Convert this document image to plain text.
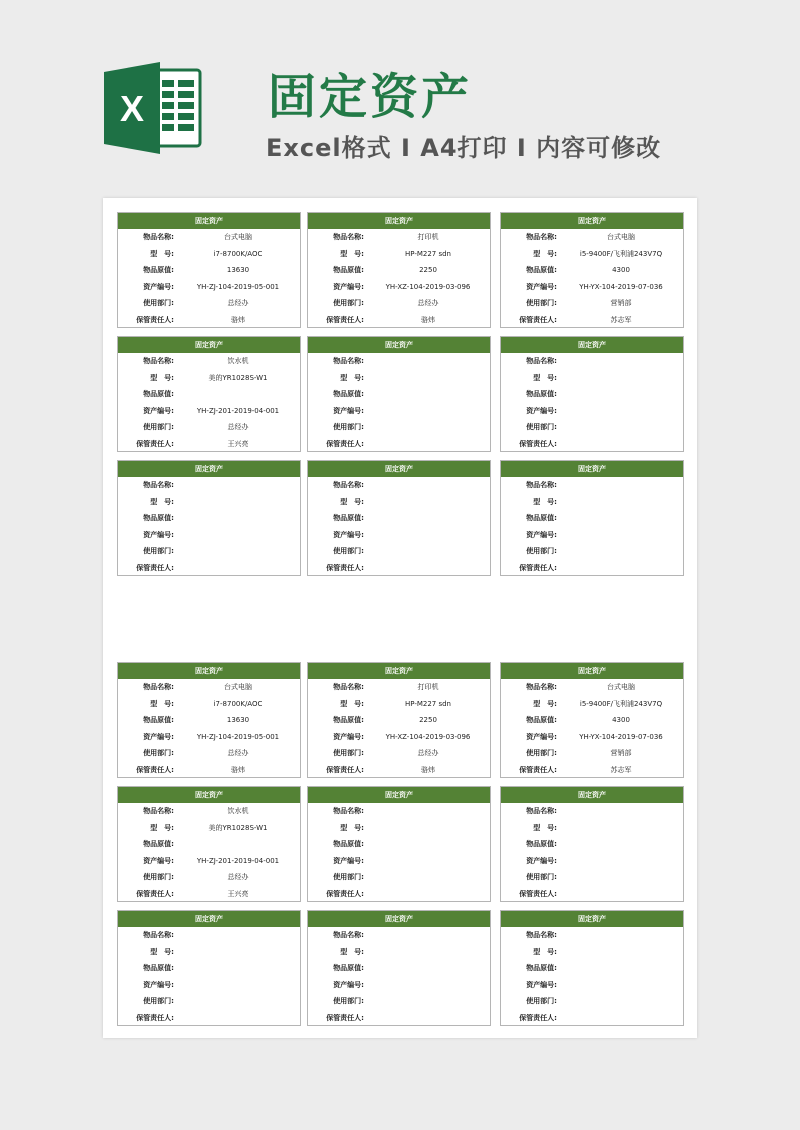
X	固定资产
Excel格式 I A4打印 I 内容可修改
固定资产
物品名称:	台式电脑
型　号:	i7-8700K/AOC
物品原值:	13630
资产编号:	YH-ZJ-104-2019-05-001
使用部门:	总经办
保管责任人:	骆炜
固定资产
物品名称:	打印机
型　号:	HP-M227 sdn
物品原值:	2250
资产编号:	YH-XZ-104-2019-03-096
使用部门:	总经办
保管责任人:	骆炜
固定资产
物品名称:	台式电脑
型　号:	i5-9400F/飞利浦243V7Q
物品原值:	4300
资产编号:	YH-YX-104-2019-07-036
使用部门:	营销部
保管责任人:	苏志军
固定资产
物品名称:	饮水机
型　号:	美的YR1028S-W1
物品原值:
资产编号:	YH-ZJ-201-2019-04-001
使用部门:	总经办
保管责任人:	王兴亮
固定资产
物品名称:
型　号:
物品原值:
资产编号:
使用部门:
保管责任人:
固定资产
物品名称:
型　号:
物品原值:
资产编号:
使用部门:
保管责任人:
固定资产
物品名称:
型　号:
物品原值:
资产编号:
使用部门:
保管责任人:
固定资产
物品名称:
型　号:
物品原值:
资产编号:
使用部门:
保管责任人:
固定资产
物品名称:
型　号:
物品原值:
资产编号:
使用部门:
保管责任人:
固定资产
物品名称:	台式电脑
型　号:	i7-8700K/AOC
物品原值:	13630
资产编号:	YH-ZJ-104-2019-05-001
使用部门:	总经办
保管责任人:	骆炜
固定资产
物品名称:	打印机
型　号:	HP-M227 sdn
物品原值:	2250
资产编号:	YH-XZ-104-2019-03-096
使用部门:	总经办
保管责任人:	骆炜
固定资产
物品名称:	台式电脑
型　号:	i5-9400F/飞利浦243V7Q
物品原值:	4300
资产编号:	YH-YX-104-2019-07-036
使用部门:	营销部
保管责任人:	苏志军
固定资产
物品名称:	饮水机
型　号:	美的YR1028S-W1
物品原值:
资产编号:	YH-ZJ-201-2019-04-001
使用部门:	总经办
保管责任人:	王兴亮
固定资产
物品名称:
型　号:
物品原值:
资产编号:
使用部门:
保管责任人:
固定资产
物品名称:
型　号:
物品原值:
资产编号:
使用部门:
保管责任人:
固定资产
物品名称:
型　号:
物品原值:
资产编号:
使用部门:
保管责任人:
固定资产
物品名称:
型　号:
物品原值:
资产编号:
使用部门:
保管责任人:
固定资产
物品名称:
型　号:
物品原值:
资产编号:
使用部门:
保管责任人:
